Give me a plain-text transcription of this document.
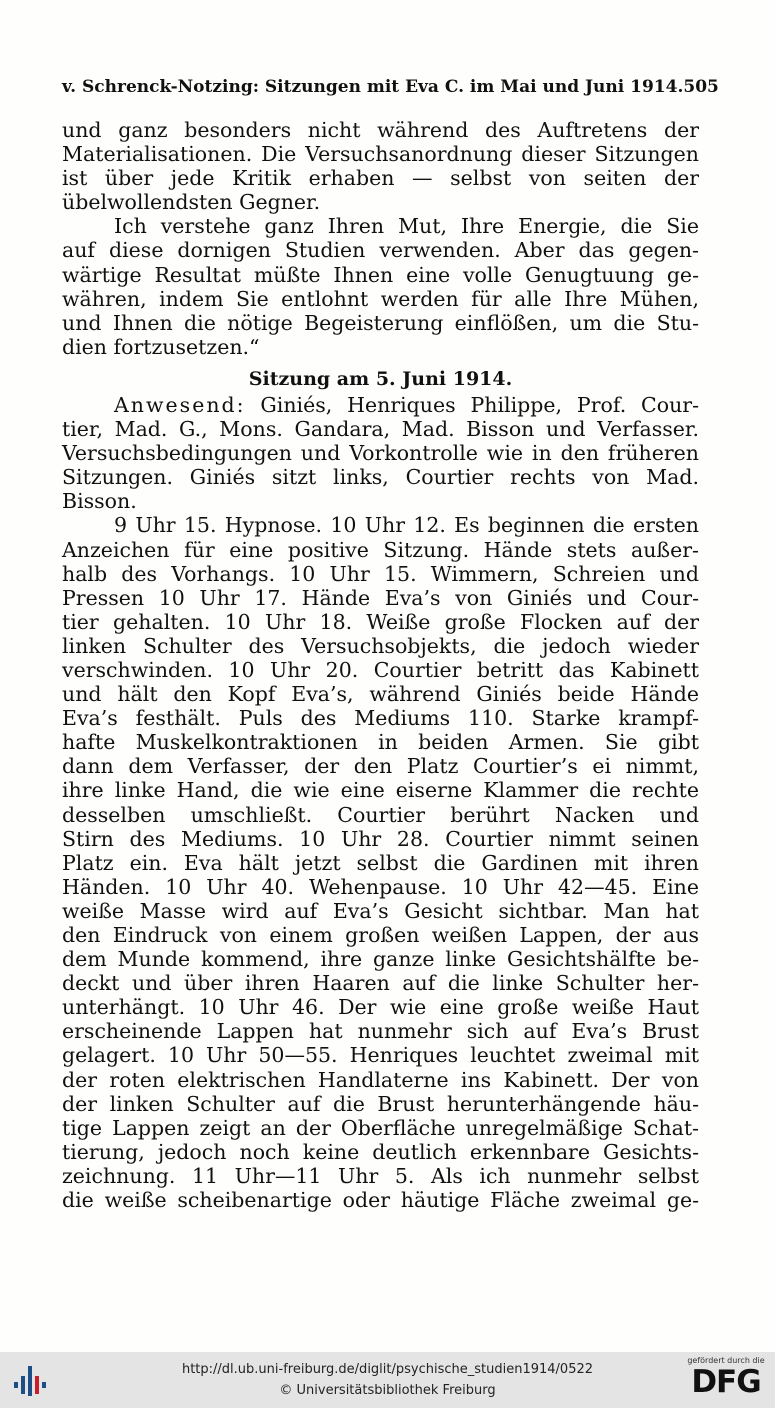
v. Schrenck-Notzing: Sitzungen mit Eva C. im Mai und Juni 1914. 505
und ganz besonders nicht während des Auftretens der
Materialisationen. Die Versuchsanordnung dieser Sitzungen
ist über jede Kritik erhaben — selbst von seiten der
übelwollendsten Gegner.
Ich verstehe ganz Ihren Mut, Ihre Energie, die Sie
auf diese dornigen Studien verwenden. Aber das gegen-
wärtige Resultat müßte Ihnen eine volle Genugtuung ge-
währen, indem Sie entlohnt werden für alle Ihre Mühen,
und Ihnen die nötige Begeisterung einflößen, um die Stu-
dien fortzusetzen.“
Sitzung am 5. Juni 1914.
Anwesend: Giniés, Henriques Philippe, Prof. Cour-
tier, Mad. G., Mons. Gandara, Mad. Bisson und Verfasser.
Versuchsbedingungen und Vorkontrolle wie in den früheren
Sitzungen. Giniés sitzt links, Courtier rechts von Mad.
Bisson.
9 Uhr 15. Hypnose. 10 Uhr 12. Es beginnen die ersten
Anzeichen für eine positive Sitzung. Hände stets außer-
halb des Vorhangs. 10 Uhr 15. Wimmern, Schreien und
Pressen 10 Uhr 17. Hände Eva’s von Giniés und Cour-
tier gehalten. 10 Uhr 18. Weiße große Flocken auf der
linken Schulter des Versuchsobjekts, die jedoch wieder
verschwinden. 10 Uhr 20. Courtier betritt das Kabinett
und hält den Kopf Eva’s, während Giniés beide Hände
Eva’s festhält. Puls des Mediums 110. Starke krampf-
hafte Muskelkontraktionen in beiden Armen. Sie gibt
dann dem Verfasser, der den Platz Courtier’s ei nimmt,
ihre linke Hand, die wie eine eiserne Klammer die rechte
desselben umschließt. Courtier berührt Nacken und
Stirn des Mediums. 10 Uhr 28. Courtier nimmt seinen
Platz ein. Eva hält jetzt selbst die Gardinen mit ihren
Händen. 10 Uhr 40. Wehenpause. 10 Uhr 42—45. Eine
weiße Masse wird auf Eva’s Gesicht sichtbar. Man hat
den Eindruck von einem großen weißen Lappen, der aus
dem Munde kommend, ihre ganze linke Gesichtshälfte be-
deckt und über ihren Haaren auf die linke Schulter her-
unterhängt. 10 Uhr 46. Der wie eine große weiße Haut
erscheinende Lappen hat nunmehr sich auf Eva’s Brust
gelagert. 10 Uhr 50—55. Henriques leuchtet zweimal mit
der roten elektrischen Handlaterne ins Kabinett. Der von
der linken Schulter auf die Brust herunterhängende häu-
tige Lappen zeigt an der Oberfläche unregelmäßige Schat-
tierung, jedoch noch keine deutlich erkennbare Gesichts-
zeichnung. 11 Uhr—11 Uhr 5. Als ich nunmehr selbst
die weiße scheibenartige oder häutige Fläche zweimal ge-
http://dl.ub.uni-freiburg.de/diglit/psychische_studien1914/0522
© Universitätsbibliothek Freiburg
gefördert durch die
DFG
